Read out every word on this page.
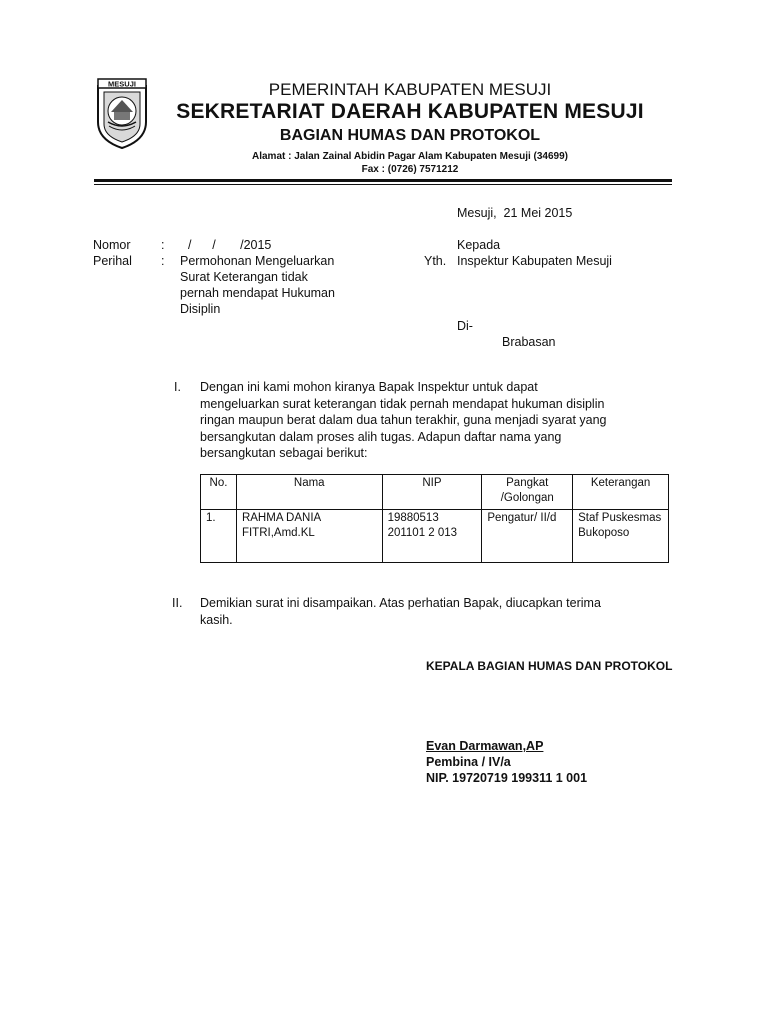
MESUJI	PEMERINTAH KABUPATEN MESUJI
SEKRETARIAT DAERAH KABUPATEN MESUJI
BAGIAN HUMAS DAN PROTOKOL
Alamat : Jalan Zainal Abidin Pagar Alam Kabupaten Mesuji (34699)
Fax : (0726) 7571212
Mesuji,  21 Mei 2015
Nomor : /      /       /2015
Perihal : Permohonan Mengeluarkan
Surat Keterangan tidak
pernah mendapat Hukuman
Disiplin
Kepada
Yth. Inspektur Kabupaten Mesuji
Di-
Brabasan
I. Dengan ini kami mohon kiranya Bapak Inspektur untuk dapat
mengeluarkan surat keterangan tidak pernah mendapat hukuman disiplin
ringan maupun berat dalam dua tahun terakhir, guna menjadi syarat yang
bersangkutan dalam proses alih tugas. Adapun daftar nama yang
bersangkutan sebagai berikut:
No.	Nama	NIP	Pangkat /Golongan	Keterangan
1.	RAHMA DANIA FITRI,Amd.KL	19880513 201101 2 013	Pengatur/ II/d	Staf Puskesmas Bukoposo
II. Demikian surat ini disampaikan. Atas perhatian Bapak, diucapkan terima
kasih.
KEPALA BAGIAN HUMAS DAN PROTOKOL
Evan Darmawan,AP
Pembina / IV/a
NIP. 19720719 199311 1 001
